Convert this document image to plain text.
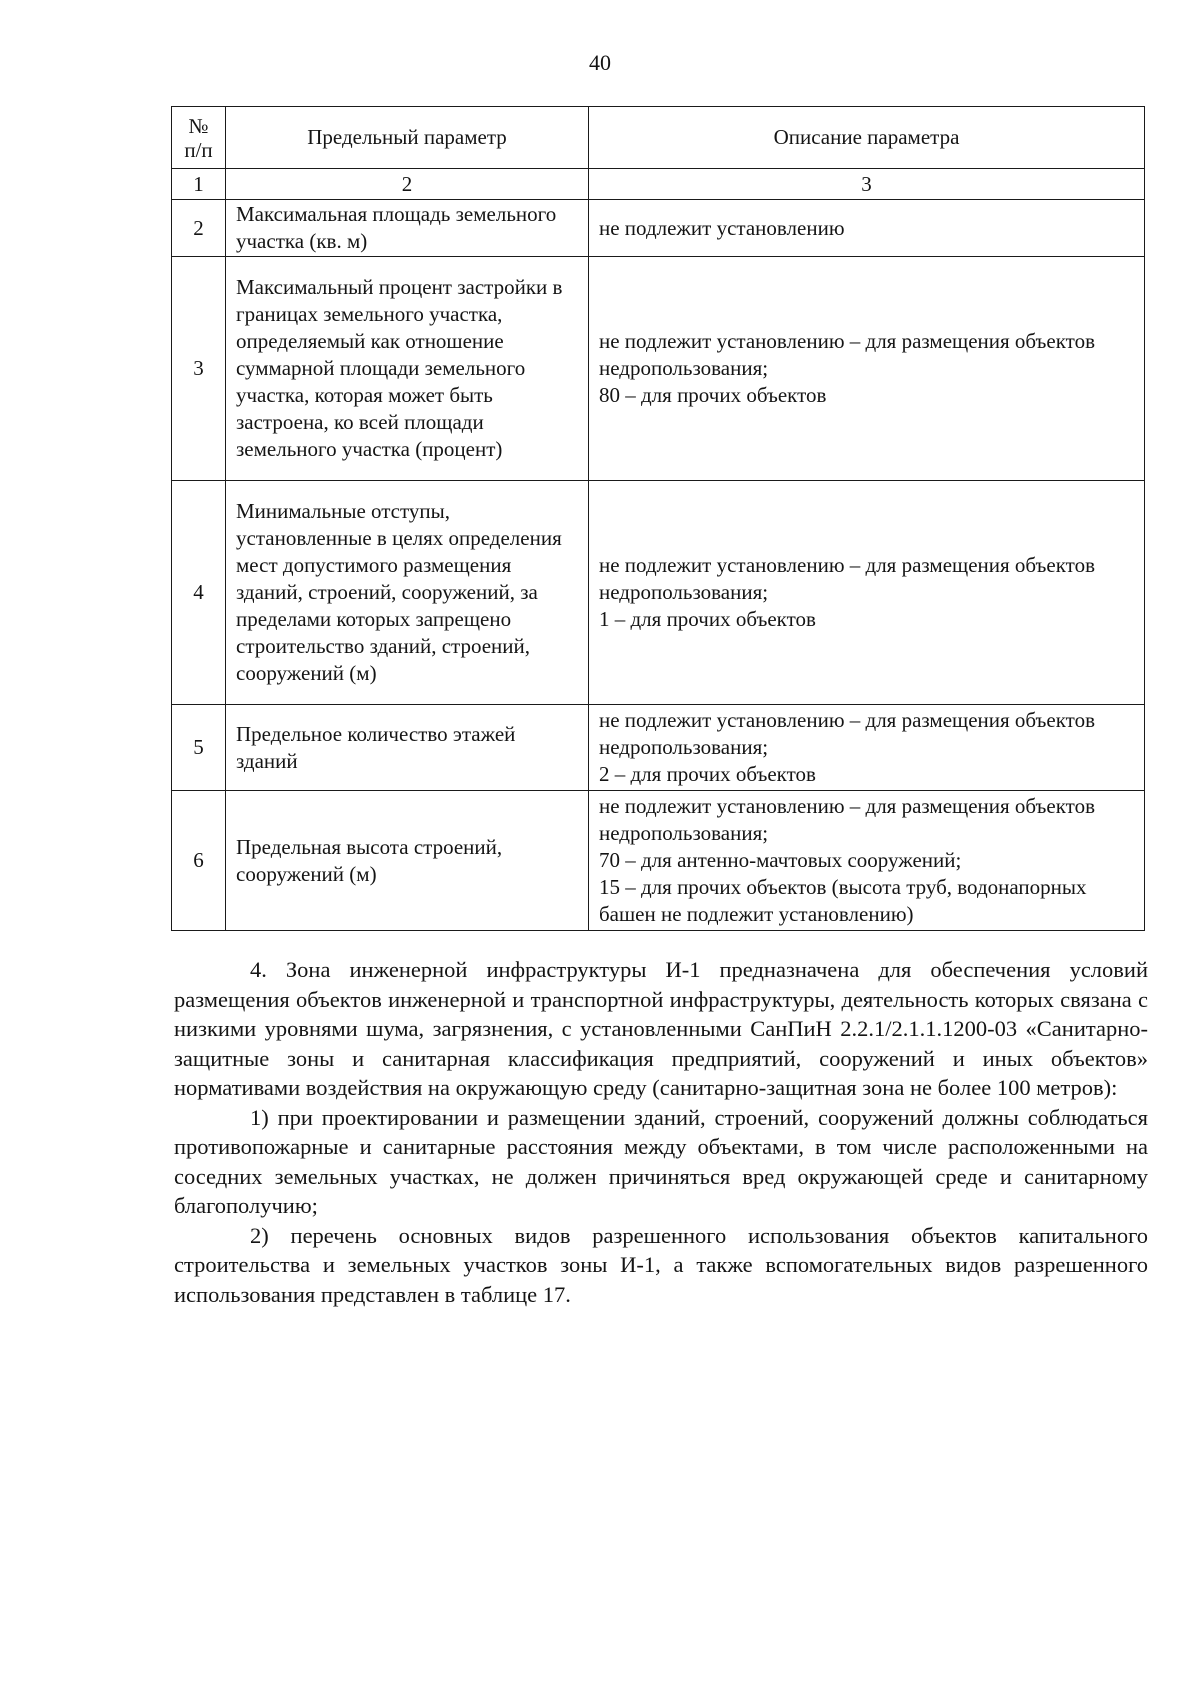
40
№
п/п	Предельный параметр	Описание параметра
1	2	3
2	Максимальная площадь земельного участка (кв. м)	не подлежит установлению

3	Максимальный процент застройки в границах земельного участка, определяемый как отношение суммарной площади земельного участка, которая может быть застроена, ко всей площади земельного участка (процент)	не подлежит установлению – для размещения объектов недропользования;
80 – для прочих объектов

4	Минимальные отступы, установленные в целях определения мест допустимого размещения зданий, строений, сооружений, за пределами которых запрещено строительство зданий, строений, сооружений (м)	не подлежит установлению – для размещения объектов недропользования;
1 – для прочих объектов

5	Предельное количество этажей зданий	не подлежит установлению – для размещения объектов недропользования;
2 – для прочих объектов

6	Предельная высота строений, сооружений (м)	не подлежит установлению – для размещения объектов недропользования;
70 – для антенно-мачтовых сооружений;
15 – для прочих объектов (высота труб, водонапорных башен не подлежит установлению)

4. Зона инженерной инфраструктуры И-1 предназначена для обеспечения условий размещения объектов инженерной и транспортной инфраструктуры, деятельность которых связана с низкими уровнями шума, загрязнения, с установленными СанПиН 2.2.1/2.1.1.1200-03 «Санитарно-защитные зоны и санитарная классификация предприятий, сооружений и иных объектов» нормативами воздействия на окружающую среду (санитарно-защитная зона не более 100 метров):

1) при проектировании и размещении зданий, строений, сооружений должны соблюдаться противопожарные и санитарные расстояния между объектами, в том числе расположенными на соседних земельных участках, не должен причиняться вред окружающей среде и санитарному благополучию;

2) перечень основных видов разрешенного использования объектов капитального строительства и земельных участков зоны И-1, а также вспомогательных видов разрешенного использования представлен в таблице 17.
